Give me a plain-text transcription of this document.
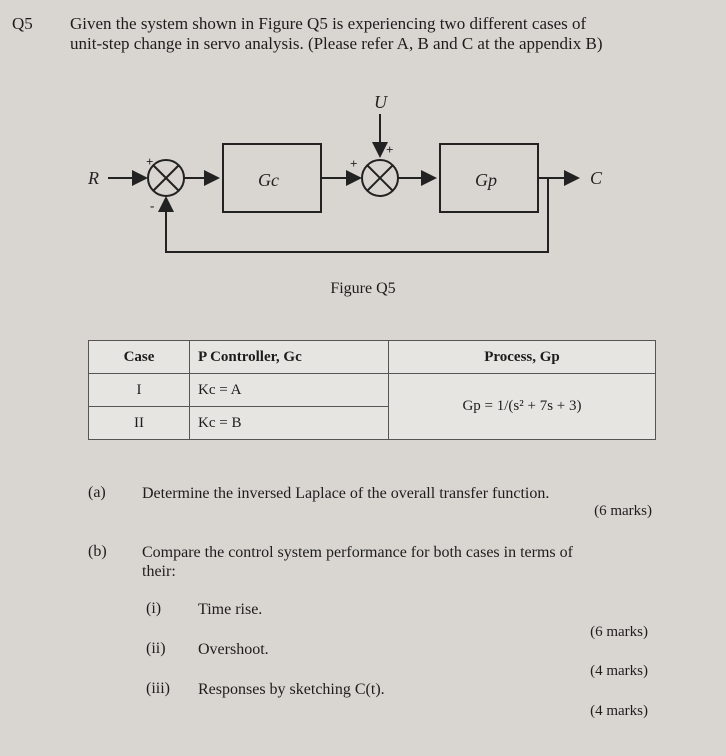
Q5 Given the system shown in Figure Q5 is experiencing two different cases of
unit-step change in servo analysis. (Please refer A, B and C at the appendix B)
R	C
U
Gc	Gp
+
-
+
+
Figure Q5
Case	P Controller, Gc	Process, Gp
I	Kc = A	Gp = 1/(s² + 7s + 3)
II	Kc = B	
(a) Determine the inversed Laplace of the overall transfer function.
(6 marks)
(b) Compare the control system performance for both cases in terms of
their:
(i) Time rise.
(6 marks)
(ii) Overshoot.
(4 marks)
(iii) Responses by sketching C(t).
(4 marks)
